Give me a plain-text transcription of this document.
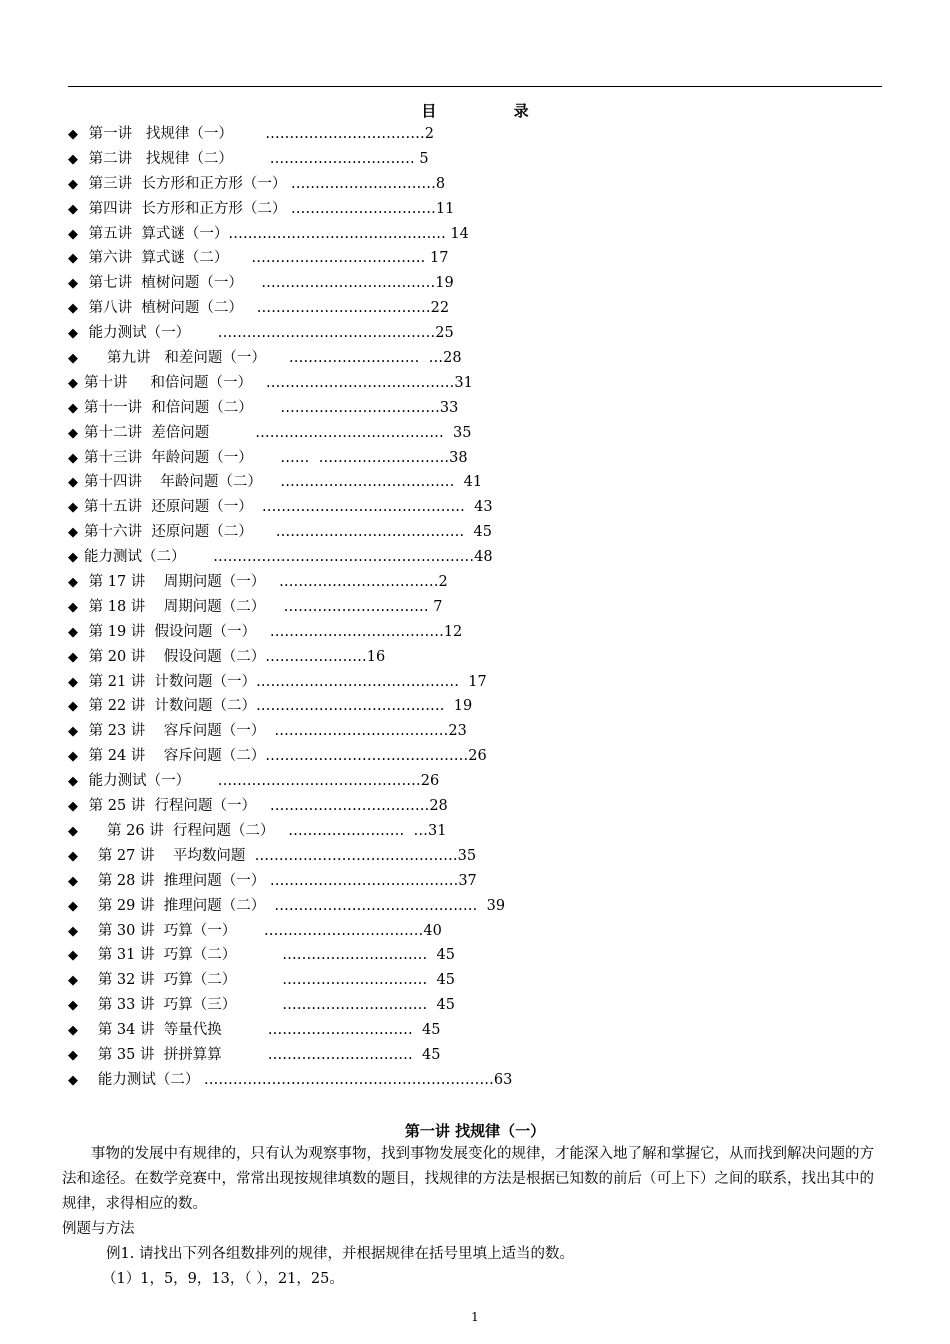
目 录
◆ 第一讲   找规律（一）       ……………………………2
◆ 第二讲   找规律（二）        ………………………… 5
◆ 第三讲  长方形和正方形（一） …………………………8
◆ 第四讲  长方形和正方形（二） …………………………11
◆ 第五讲  算式谜（一）……………………………………… 14
◆ 第六讲  算式谜（二）     ……………………………… 17
◆ 第七讲  植树问题（一）    ………………………………19
◆ 第八讲  植树问题（二）   ………………………………22
◆ 能力测试（一）      ………………………………………25
◆     第九讲   和差问题（一）     ………………………  …28
◆ 第十讲     和倍问题（一）   …………………………………31
◆ 第十一讲  和倍问题（二）      ……………………………33
◆ 第十二讲  差倍问题          …………………………………  35
◆ 第十三讲  年龄问题（一）      ……  ………………………38
◆ 第十四讲    年龄问题（二）    ………………………………  41
◆ 第十五讲  还原问题（一）  ……………………………………  43
◆ 第十六讲  还原问题（二）     …………………………………  45
◆ 能力测试（二）      ………………………………………………48
◆ 第 17 讲    周期问题（一）   ……………………………2
◆ 第 18 讲    周期问题（二）    ………………………… 7
◆ 第 19 讲  假设问题（一）   ………………………………12
◆ 第 20 讲    假设问题（二）…………………16
◆ 第 21 讲  计数问题（一）……………………………………  17
◆ 第 22 讲  计数问题（二）…………………………………  19
◆ 第 23 讲    容斥问题（一）  ………………………………23
◆ 第 24 讲    容斥问题（二）……………………………………26
◆ 能力测试（一）      ……………………………………26
◆ 第 25 讲  行程问题（一）   ……………………………28
◆     第 26 讲  行程问题（二）   ……………………  …31
◆   第 27 讲    平均数问题  ……………………………………35
◆   第 28 讲  推理问题（一） …………………………………37
◆   第 29 讲  推理问题（二）  ……………………………………  39
◆   第 30 讲  巧算（一）      ……………………………40
◆   第 31 讲  巧算（二）          …………………………  45
◆   第 32 讲  巧算（二）          …………………………  45
◆   第 33 讲  巧算（三）          …………………………  45
◆   第 34 讲  等量代换          …………………………  45
◆   第 35 讲  拼拼算算          …………………………  45
◆   能力测试（二） ……………………………………………………63
第一讲 找规律（一）

事物的发展中有规律的，只有认为观察事物，找到事物发展变化的规律，才能深入地了解和掌握它，从而找到解决问题的方法和途径。在数学竞赛中，常常出现按规律填数的题目，找规律的方法是根据已知数的前后（可上下）之间的联系，找出其中的规律，求得相应的数。

例题与方法

例1. 请找出下列各组数排列的规律，并根据规律在括号里填上适当的数。

（1）1，5，9，13，（ ），21，25。

1
